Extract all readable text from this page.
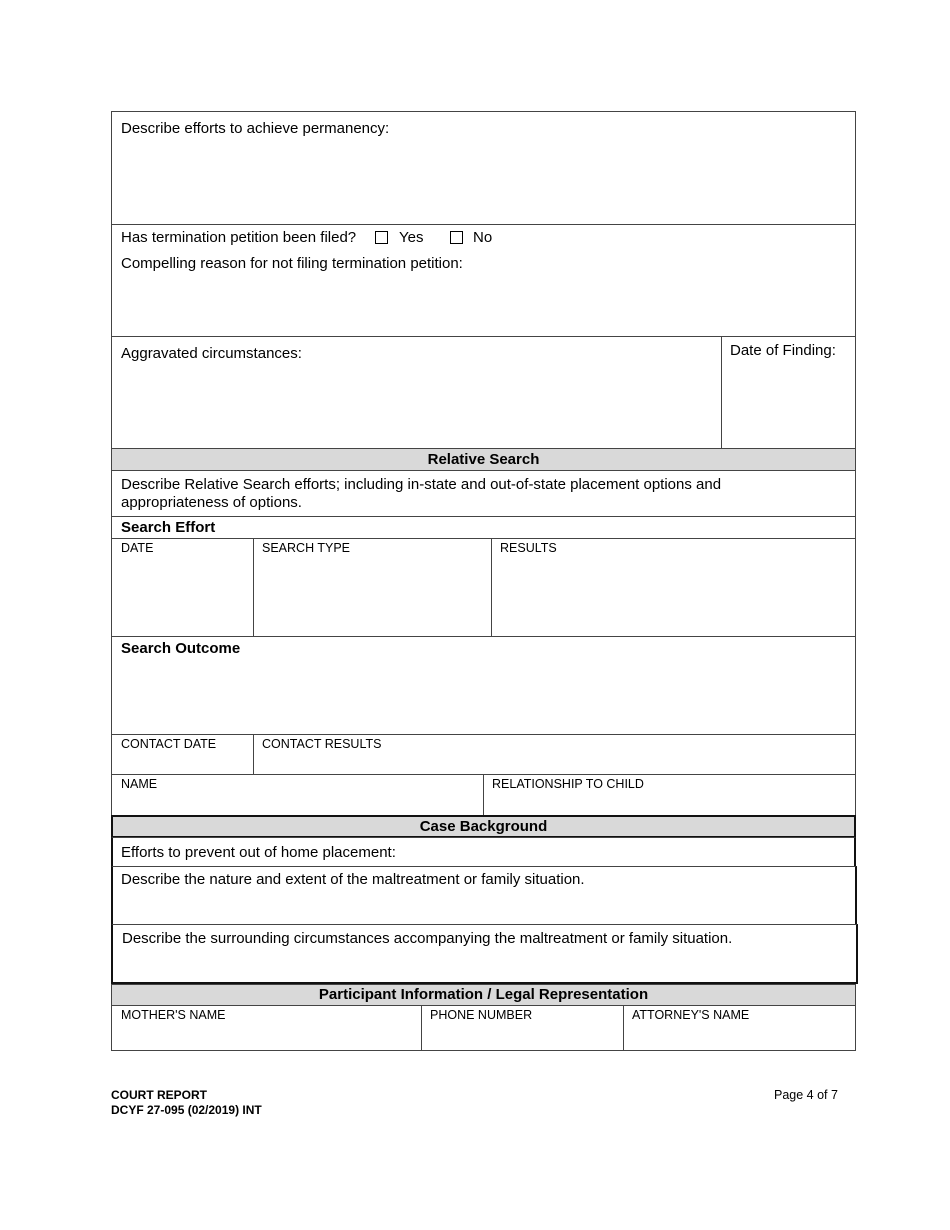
Describe efforts to achieve permanency:
Has termination petition been filed?	Yes	No
Compelling reason for not filing termination petition:
Aggravated circumstances:	Date of Finding:
Relative Search
Describe Relative Search efforts; including in-state and out-of-state placement options and
appropriateness of options.
Search Effort
DATE	SEARCH TYPE	RESULTS
Search Outcome
CONTACT DATE	CONTACT RESULTS
NAME	RELATIONSHIP TO CHILD
Case Background
Efforts to prevent out of home placement:
Describe the nature and extent of the maltreatment or family situation.
Describe the surrounding circumstances accompanying the maltreatment or family situation.
Participant Information / Legal Representation
MOTHER'S NAME	PHONE NUMBER	ATTORNEY'S NAME
COURT REPORT
DCYF 27-095 (02/2019) INT
Page 4 of 7
